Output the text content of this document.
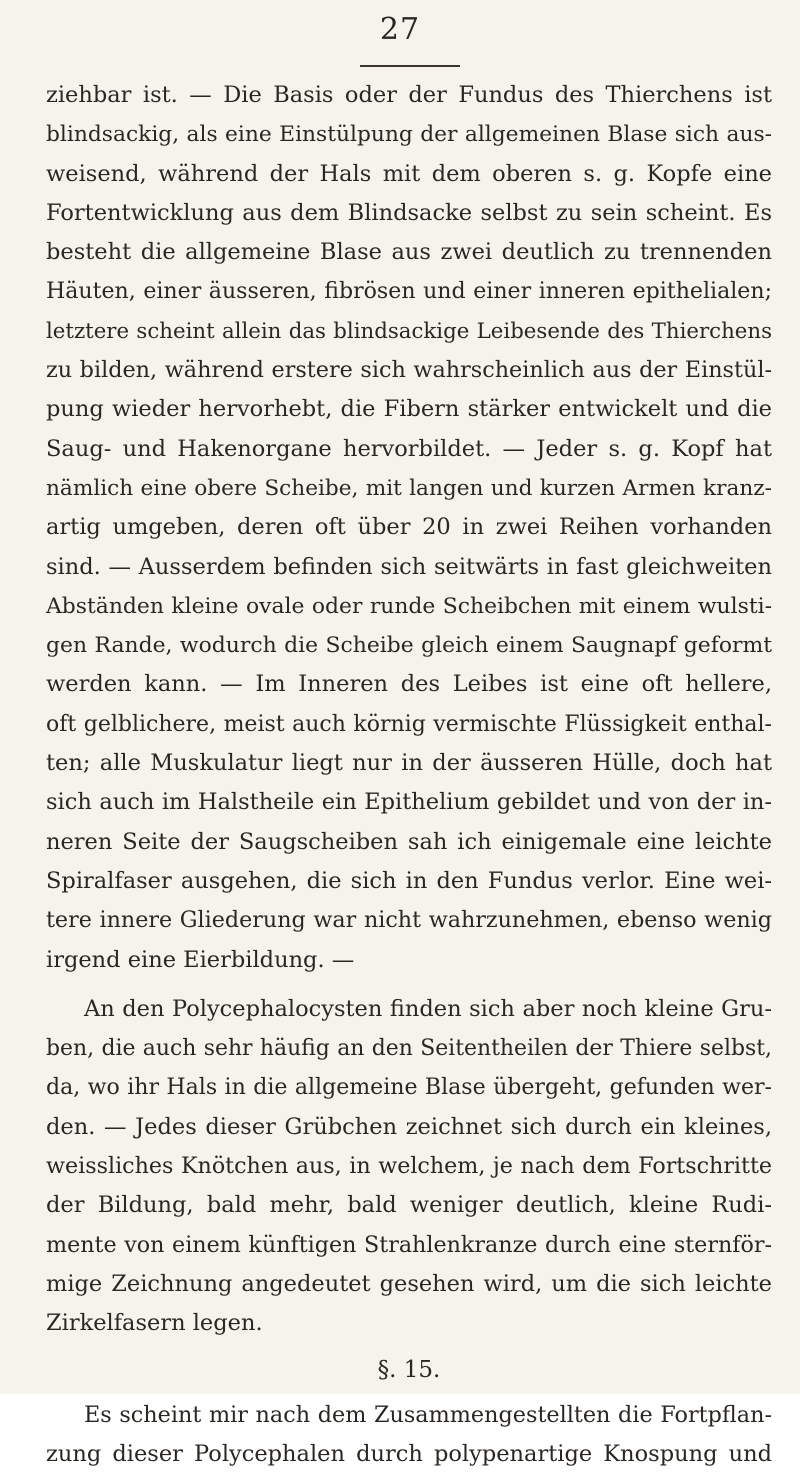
27
ziehbar ist. — Die Basis oder der Fundus des Thierchens ist
blindsackig, als eine Einstülpung der allgemeinen Blase sich aus-
weisend, während der Hals mit dem oberen s. g. Kopfe eine
Fortentwicklung aus dem Blindsacke selbst zu sein scheint. Es
besteht die allgemeine Blase aus zwei deutlich zu trennenden
Häuten, einer äusseren, fibrösen und einer inneren epithelialen;
letztere scheint allein das blindsackige Leibesende des Thierchens
zu bilden, während erstere sich wahrscheinlich aus der Einstül-
pung wieder hervorhebt, die Fibern stärker entwickelt und die
Saug- und Hakenorgane hervorbildet. — Jeder s. g. Kopf hat
nämlich eine obere Scheibe, mit langen und kurzen Armen kranz-
artig umgeben, deren oft über 20 in zwei Reihen vorhanden
sind. — Ausserdem befinden sich seitwärts in fast gleichweiten
Abständen kleine ovale oder runde Scheibchen mit einem wulsti-
gen Rande, wodurch die Scheibe gleich einem Saugnapf geformt
werden kann. — Im Inneren des Leibes ist eine oft hellere,
oft gelblichere, meist auch körnig vermischte Flüssigkeit enthal-
ten; alle Muskulatur liegt nur in der äusseren Hülle, doch hat
sich auch im Halstheile ein Epithelium gebildet und von der in-
neren Seite der Saugscheiben sah ich einigemale eine leichte
Spiralfaser ausgehen, die sich in den Fundus verlor. Eine wei-
tere innere Gliederung war nicht wahrzunehmen, ebenso wenig
irgend eine Eierbildung. —
An den Polycephalocysten finden sich aber noch kleine Gru-
ben, die auch sehr häufig an den Seitentheilen der Thiere selbst,
da, wo ihr Hals in die allgemeine Blase übergeht, gefunden wer-
den. — Jedes dieser Grübchen zeichnet sich durch ein kleines,
weissliches Knötchen aus, in welchem, je nach dem Fortschritte
der Bildung, bald mehr, bald weniger deutlich, kleine Rudi-
mente von einem künftigen Strahlenkranze durch eine sternför-
mige Zeichnung angedeutet gesehen wird, um die sich leichte
Zirkelfasern legen.
§. 15.
Es scheint mir nach dem Zusammengestellten die Fortpflan-
zung dieser Polycephalen durch polypenartige Knospung und
